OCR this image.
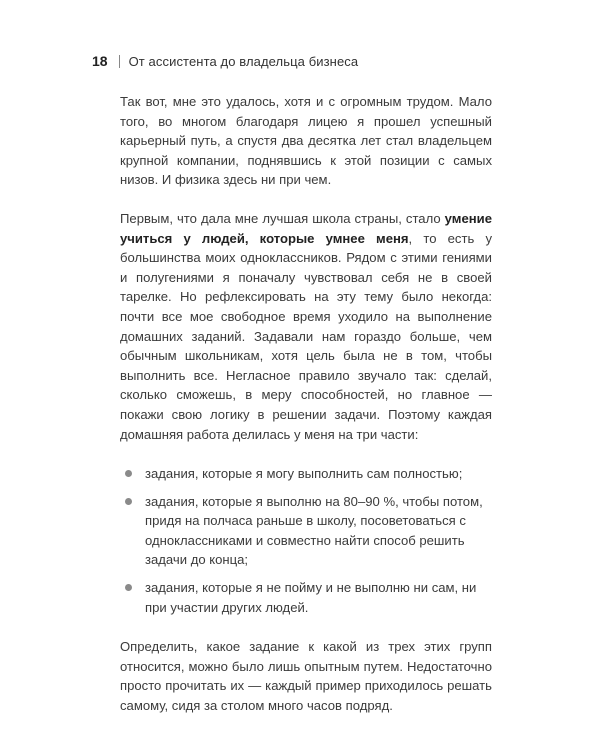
18 От ассистента до владельца бизнеса

Так вот, мне это удалось, хотя и с огромным трудом. Мало того, во многом благодаря лицею я прошел успешный карьерный путь, а спустя два десятка лет стал владельцем крупной компании, поднявшись к этой позиции с самых низов. И физика здесь ни при чем.

Первым, что дала мне лучшая школа страны, стало умение учиться у людей, которые умнее меня, то есть у большинства моих одноклассников. Рядом с этими гениями и полугениями я поначалу чувствовал себя не в своей тарелке. Но рефлексировать на эту тему было некогда: почти все мое свободное время уходило на выполнение домашних заданий. Задавали нам гораздо больше, чем обычным школьникам, хотя цель была не в том, чтобы выполнить все. Негласное правило звучало так: сделай, сколько сможешь, в меру способностей, но главное — покажи свою логику в решении задачи. Поэтому каждая домашняя работа делилась у меня на три части:

задания, которые я могу выполнить сам полностью;
задания, которые я выполню на 80–90 %, чтобы потом, придя на полчаса раньше в школу, посоветоваться с одноклассниками и совместно найти способ решить задачи до конца;
задания, которые я не пойму и не выполню ни сам, ни при участии других людей.

Определить, какое задание к какой из трех этих групп относится, можно было лишь опытным путем. Недостаточно просто прочитать их — каждый пример приходилось решать самому, сидя за столом много часов подряд.
